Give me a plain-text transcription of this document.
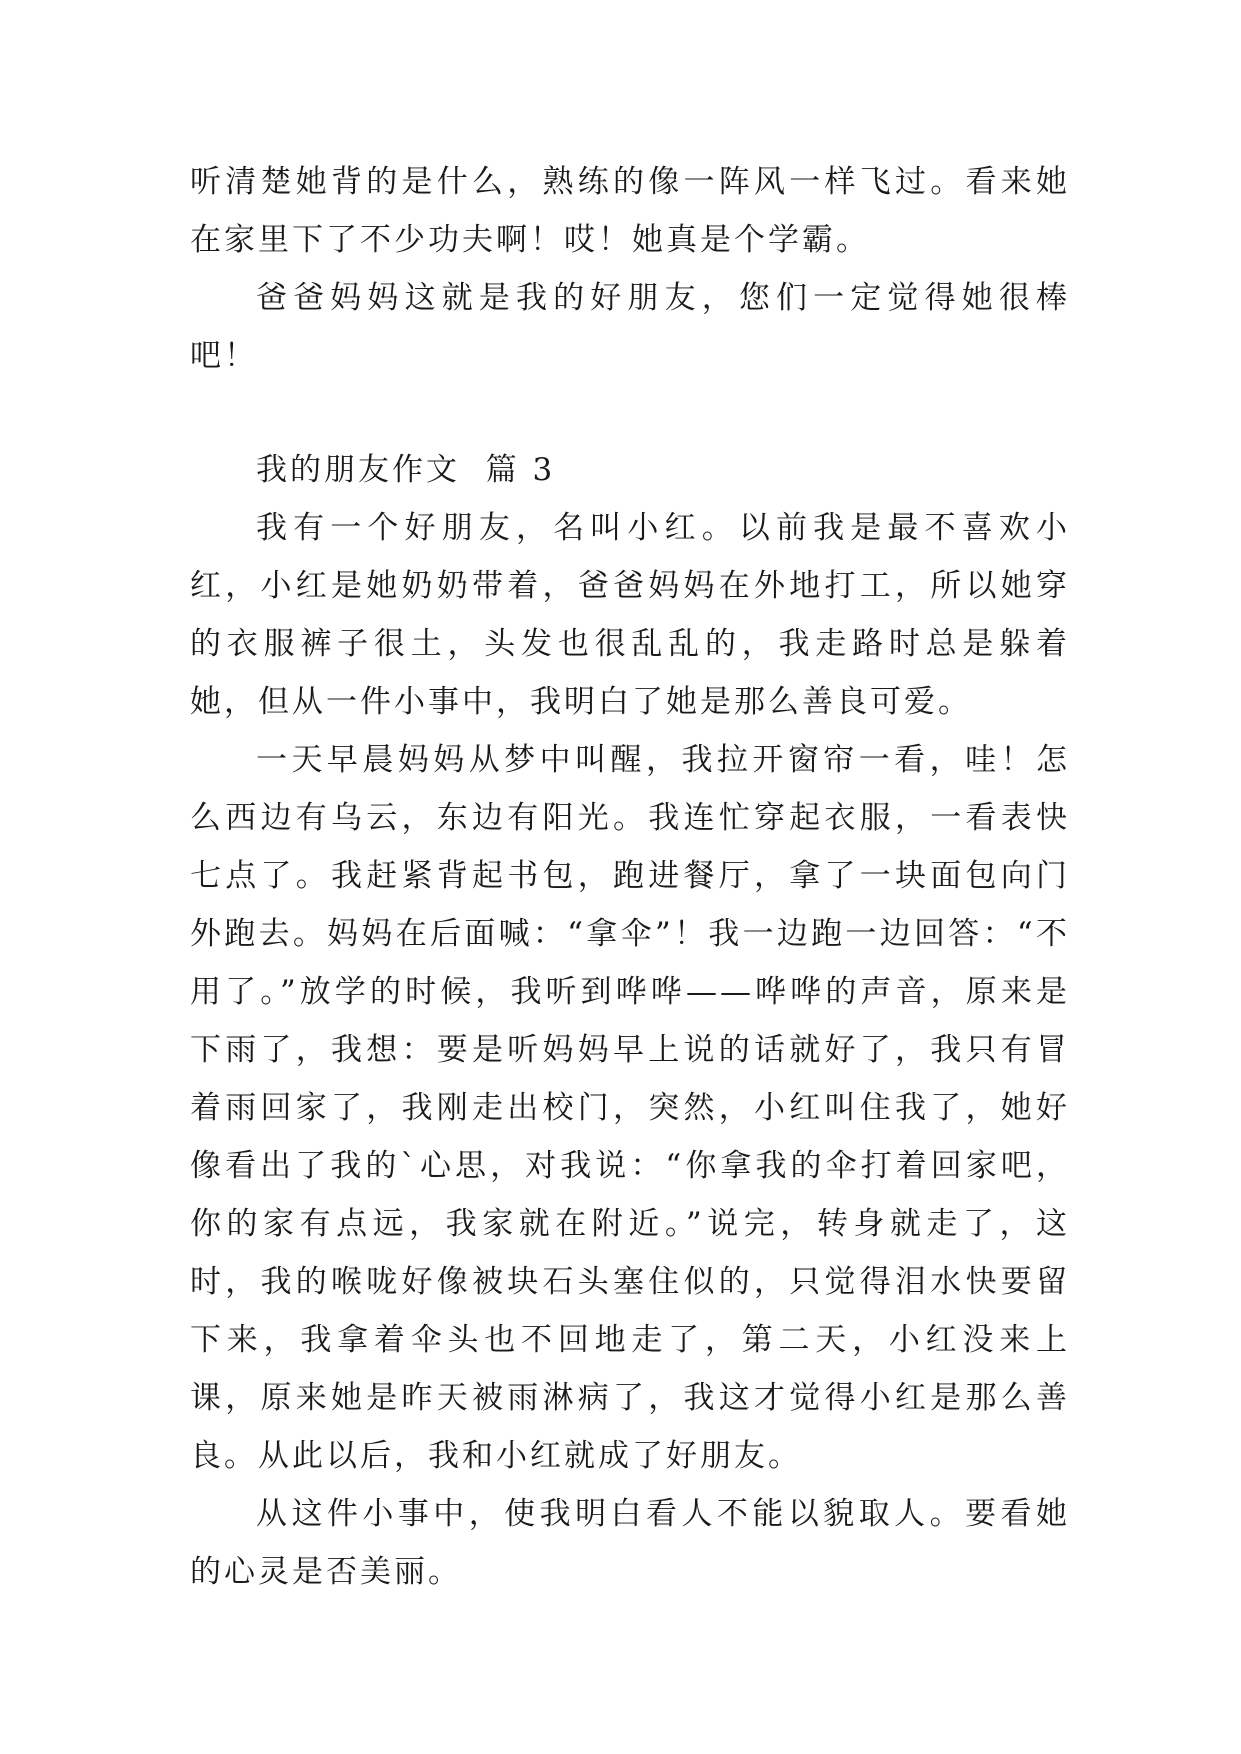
听清楚她背的是什么，熟练的像一阵风一样飞过。看来她在家里下了不少功夫啊！哎！她真是个学霸。

爸爸妈妈这就是我的好朋友，您们一定觉得她很棒吧！

我的朋友作文  篇 3

我有一个好朋友，名叫小红。以前我是最不喜欢小红，小红是她奶奶带着，爸爸妈妈在外地打工，所以她穿的衣服裤子很土，头发也很乱乱的，我走路时总是躲着她，但从一件小事中，我明白了她是那么善良可爱。

一天早晨妈妈从梦中叫醒，我拉开窗帘一看，哇！怎么西边有乌云，东边有阳光。我连忙穿起衣服，一看表快七点了。我赶紧背起书包，跑进餐厅，拿了一块面包向门外跑去。妈妈在后面喊：“拿伞”！我一边跑一边回答：“不用了。”放学的时候，我听到哗哗——哗哗的声音，原来是下雨了，我想：要是听妈妈早上说的话就好了，我只有冒着雨回家了，我刚走出校门，突然，小红叫住我了，她好像看出了我的`心思，对我说：“你拿我的伞打着回家吧，你的家有点远，我家就在附近。”说完，转身就走了，这时，我的喉咙好像被块石头塞住似的，只觉得泪水快要留下来，我拿着伞头也不回地走了，第二天，小红没来上课，原来她是昨天被雨淋病了，我这才觉得小红是那么善良。从此以后，我和小红就成了好朋友。

从这件小事中，使我明白看人不能以貌取人。要看她的心灵是否美丽。
